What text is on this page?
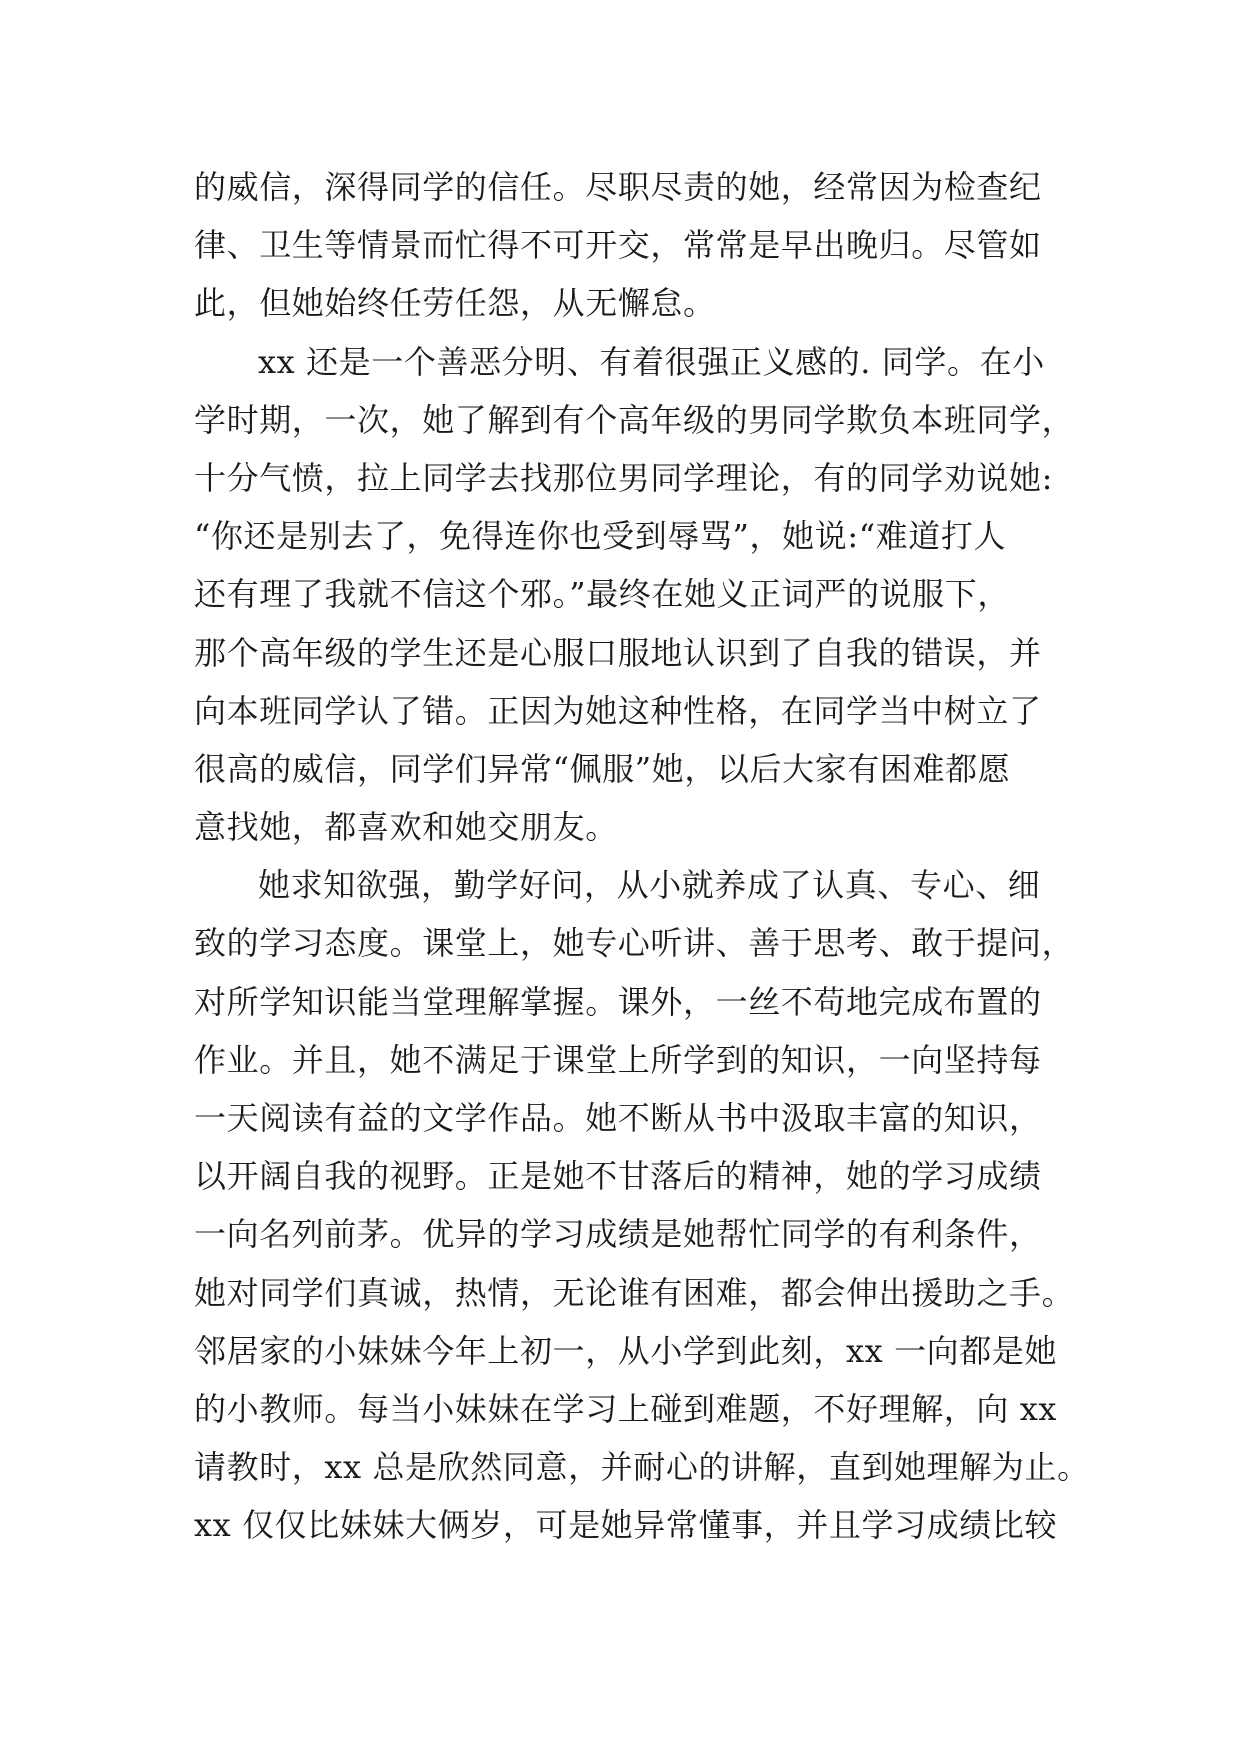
的威信，深得同学的信任。尽职尽责的她，经常因为检查纪
律、卫生等情景而忙得不可开交，常常是早出晚归。尽管如
此，但她始终任劳任怨，从无懈怠。
xx 还是一个善恶分明、有着很强正义感的. 同学。在小
学时期，一次，她了解到有个高年级的男同学欺负本班同学，
十分气愤，拉上同学去找那位男同学理论，有的同学劝说她:
“你还是别去了，免得连你也受到辱骂”，她说:“难道打人
还有理了我就不信这个邪。”最终在她义正词严的说服下，
那个高年级的学生还是心服口服地认识到了自我的错误，并
向本班同学认了错。正因为她这种性格，在同学当中树立了
很高的威信，同学们异常“佩服”她，以后大家有困难都愿
意找她，都喜欢和她交朋友。
她求知欲强，勤学好问，从小就养成了认真、专心、细
致的学习态度。课堂上，她专心听讲、善于思考、敢于提问，
对所学知识能当堂理解掌握。课外，一丝不苟地完成布置的
作业。并且，她不满足于课堂上所学到的知识，一向坚持每
一天阅读有益的文学作品。她不断从书中汲取丰富的知识，
以开阔自我的视野。正是她不甘落后的精神，她的学习成绩
一向名列前茅。优异的学习成绩是她帮忙同学的有利条件，
她对同学们真诚，热情，无论谁有困难，都会伸出援助之手。
邻居家的小妹妹今年上初一，从小学到此刻，xx 一向都是她
的小教师。每当小妹妹在学习上碰到难题，不好理解，向 xx
请教时，xx 总是欣然同意，并耐心的讲解，直到她理解为止。
xx 仅仅比妹妹大俩岁，可是她异常懂事，并且学习成绩比较
